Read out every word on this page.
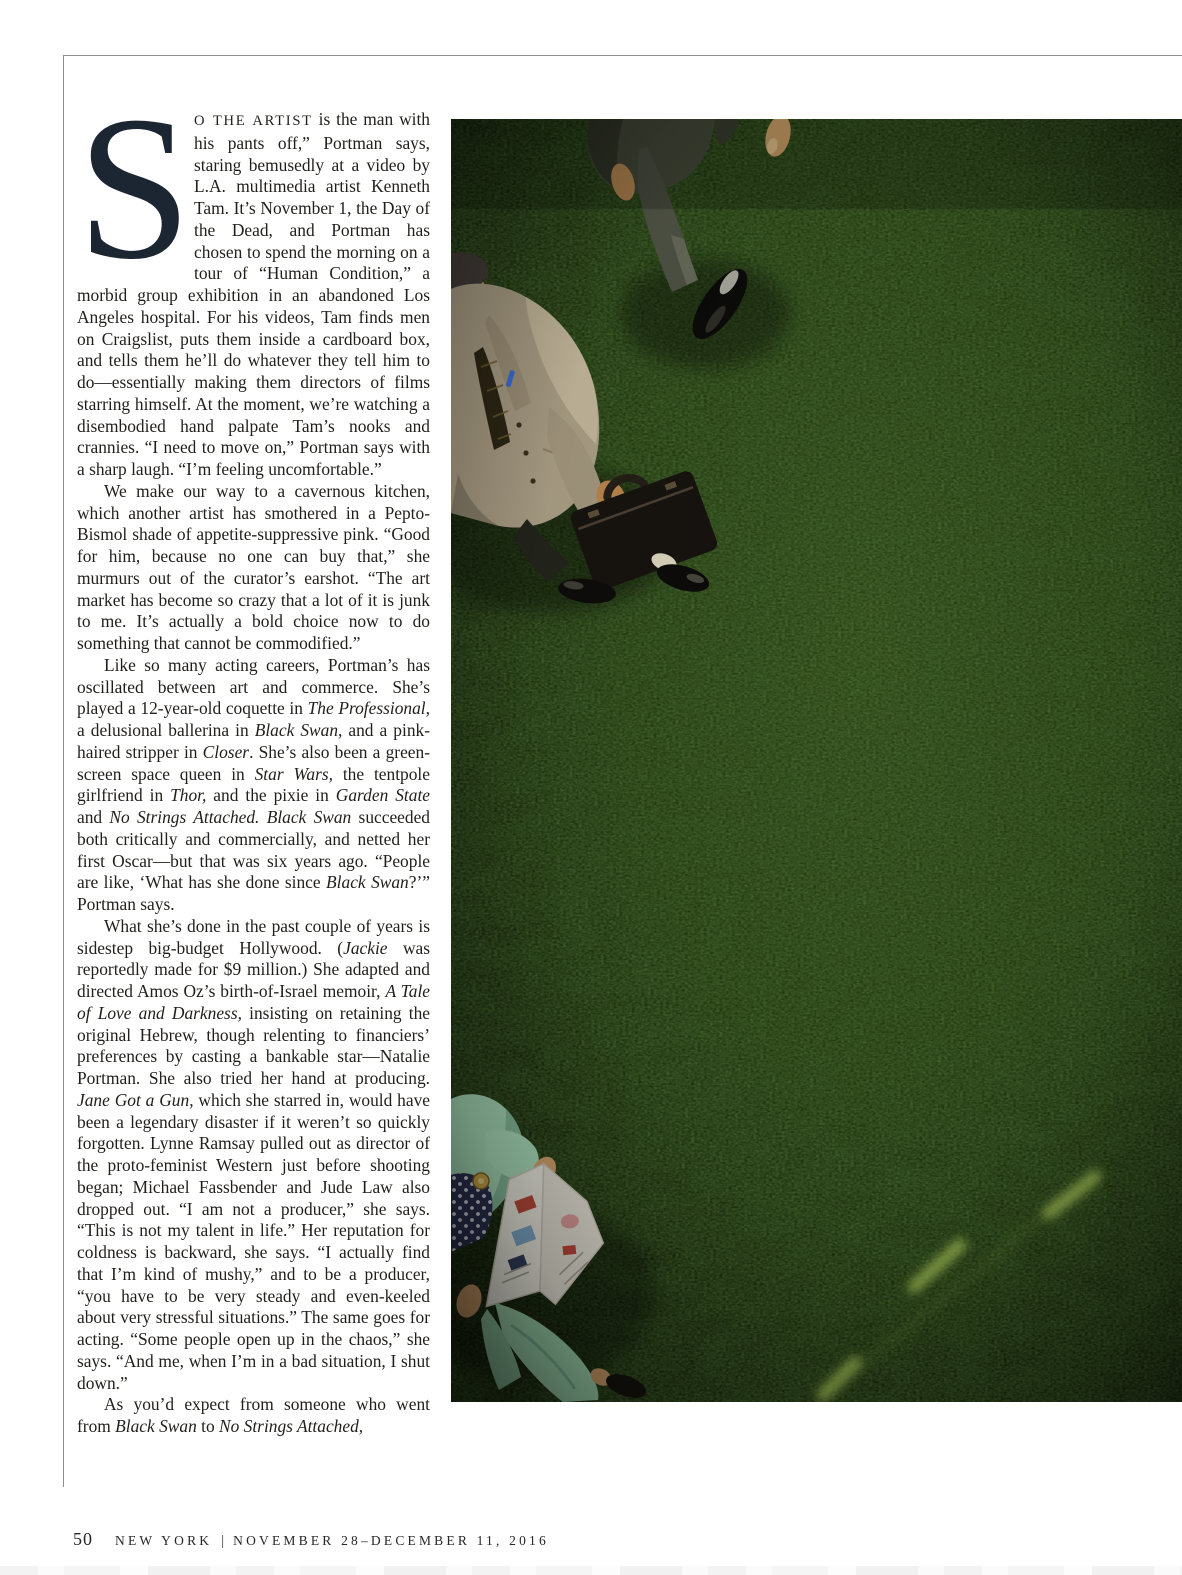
SO THE ARTIST is the man with his pants off,” Portman says, staring bemusedly at a video by L.A. multimedia artist Kenneth Tam. It’s November 1, the Day of the Dead, and Portman has chosen to spend the morning on a tour of “Human Condition,” a morbid group exhibition in an abandoned Los Angeles hospital. For his videos, Tam finds men on Craigslist, puts them inside a cardboard box, and tells them he’ll do whatever they tell him to do—essentially making them directors of films starring himself. At the moment, we’re watching a disembodied hand palpate Tam’s nooks and crannies. “I need to move on,” Portman says with a sharp laugh. “I’m feeling uncomfortable.”

We make our way to a cavernous kitchen, which another artist has smothered in a Pepto-Bismol shade of appetite-suppressive pink. “Good for him, because no one can buy that,” she murmurs out of the curator’s earshot. “The art market has become so crazy that a lot of it is junk to me. It’s actually a bold choice now to do something that cannot be commodified.”

Like so many acting careers, Portman’s has oscillated between art and commerce. She’s played a 12-year-old coquette in The Professional, a delusional ballerina in Black Swan, and a pink-haired stripper in Closer. She’s also been a green-screen space queen in Star Wars, the tentpole girlfriend in Thor, and the pixie in Garden State and No Strings Attached. Black Swan succeeded both critically and commercially, and netted her first Oscar—but that was six years ago. “People are like, ‘What has she done since Black Swan?’” Portman says.

What she’s done in the past couple of years is sidestep big-budget Hollywood. (Jackie was reportedly made for $9 million.) She adapted and directed Amos Oz’s birth-of-Israel memoir, A Tale of Love and Darkness, insisting on retaining the original Hebrew, though relenting to financiers’ preferences by casting a bankable star—Natalie Portman. She also tried her hand at producing. Jane Got a Gun, which she starred in, would have been a legendary disaster if it weren’t so quickly forgotten. Lynne Ramsay pulled out as director of the proto-feminist Western just before shooting began; Michael Fassbender and Jude Law also dropped out. “I am not a producer,” she says. “This is not my talent in life.” Her reputation for coldness is backward, she says. “I actually find that I’m kind of mushy,” and to be a producer, “you have to be very steady and even-keeled about very stressful situations.” The same goes for acting. “Some people open up in the chaos,” she says. “And me, when I’m in a bad situation, I shut down.”

As you’d expect from someone who went from Black Swan to No Strings Attached,

50 NEW YORK | NOVEMBER 28–DECEMBER 11, 2016
